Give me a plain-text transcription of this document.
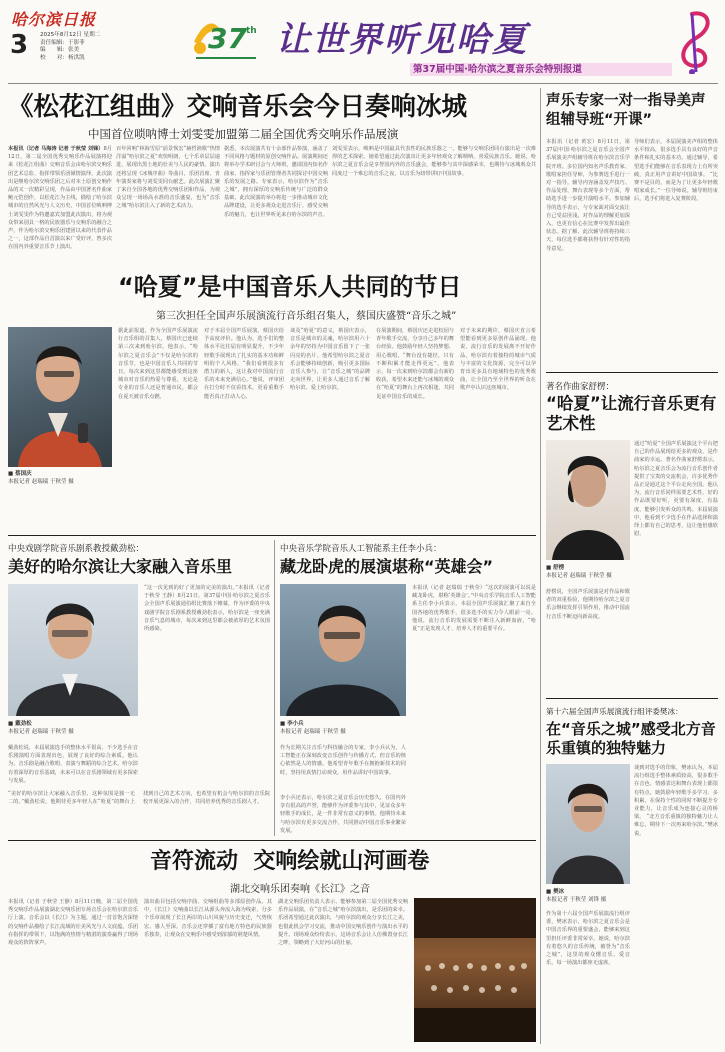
哈尔滨日报
3 2025年8月12日 星期二
责任编辑：于影菲
编　　辑：张美
校　　对：杨洪凯
37 th 让世界听见哈夏
第37届中国·哈尔滨之夏音乐会特别报道
《松花江组曲》交响音乐会今日奏响冰城
中国首位唢呐博士刘雯雯加盟第二届全国优秀交响乐作品展演
本报讯（记者 马海涛 记者 于秋莹 刘锋）8月12日，第二届全国优秀交响乐作品展演将迎来《松花江组曲》交响音乐会由哈尔滨交响乐团艺术总监、指挥带领乐团倾情演绎。此次演出是继哈尔滨交响乐团之后对本土原创交响作品的又一次精彩呈现，作品由中国著名作曲家鲍元恺创作，以松花江为主线，描绘了哈尔滨城市的自然风光与人文历史。中国首位唢呐博士刘雯雯作为特邀嘉宾加盟此次演出，将为观众带来别具一格的民族器乐与交响乐的融合之声。作为哈尔滨交响乐团建团以来的代表作品之一，这部作品自首演以来广受好评，曾多次在国内外重要音乐节上演出。
百年回响“林海雪原”前景恢宏“赫哲渔歌”热情洋溢“哈尔滨之夏”欢快明朗，七个乐章层层递进，展现出黑土地的壮美与人民的豪情。演出还将呈现《冰城序曲》等曲目，乐团首席、青年演奏家将与刘雯雯同台献艺。此次展演汇聚了来自全国各地的优秀交响乐团和作品，为观众呈现一场场高水准的音乐盛宴，也为“音乐之城”哈尔滨注入了新的艺术活力。
据悉，本次展演共有十余部作品参演，涵盖了不同风格与题材的原创交响作品。展演期间还将举办学术研讨会与大师班，邀请国内知名作曲家、指挥家与乐团管理者共同探讨中国交响乐的发展之路。专家表示，哈尔滨作为“音乐之城”，拥有深厚的交响乐传统与广泛的群众基础，此次展演的举办将进一步推动城市文化品牌建设，让更多观众走进音乐厅，感受交响乐的魅力，也让世界听见来自哈尔滨的声音。
刘雯雯表示，唢呐是中国最具代表性的民族乐器之一，能够与交响乐团同台演出是一次难得的艺术探索。她希望通过此次演出让更多年轻观众了解唢呐、喜爱民族音乐。她说，哈尔滨之夏音乐会是享誉国内外的音乐盛会，能够参与其中深感荣幸，也期待与冰城观众共同度过一个难忘的音乐之夜，以音乐为纽带讲好中国故事。
“哈夏”是中国音乐人共同的节日
第三次担任全国声乐展演流行音乐组召集人，蔡国庆盛赞“音乐之城”
■ 蔡国庆
本报记者 赵瑞瑞 于秋莹 摄
据此前报道，作为全国声乐展演流行音乐组的召集人，蔡国庆已连续第三次来到哈尔滨。他表示，“哈尔滨之夏音乐会”不仅是哈尔滨的音乐节，也是中国音乐人共同的节日。每次来到这里都能感受到这座城市对音乐的热爱与尊重，无论是专业的音乐人还是普通市民，都会在夏天被音乐点燃。
对于本届全国声乐展演，蔡国庆给予高度评价。他认为，选手们的整体水平比往届有明显提升，不少年轻歌手展现出了扎实的基本功和鲜明的个人风格。“我们看到很多有潜力的新人，这让我对中国流行音乐的未来充满信心。”他说，评审团在打分时不仅看技术，更看重歌手能否真正打动人心。
谈及“哈夏”的意义，蔡国庆表示，音乐是城市的灵魂，哈尔滨用六十余年的坚持为中国音乐留下了一张闪亮的名片。他希望哈尔滨之夏音乐会能够持续创新，吸引更多国际音乐人参与，让“音乐之城”的品牌走向世界，让更多人通过音乐了解哈尔滨、爱上哈尔滨。
在展演期间，蔡国庆还走进校园与青年歌手交流，分享自己多年的舞台经验。他鼓励年轻人坚持梦想、用心歌唱，“舞台没有捷径，只有不断积累才能走得更远”。他表示，每一次来到哈尔滨都会有新的收获，希望未来还能与冰城的观众在“哈夏”的舞台上再次相逢，共同见证中国音乐的成长。
对于未来的期许，蔡国庆直言希望能看到更多原创作品涌现。他说，流行音乐的发展离不开好作品，哈尔滨有着独特的城市气质与丰富的文化资源，完全可以孕育出更多具有地域特色的优秀歌曲，让全国乃至全世界的听众在歌声中认识这座城市。
声乐专家一对一指导美声组辅导班“开课”
本报讯（记者 黄宏）8月11日，第37届中国·哈尔滨之夏音乐会全国声乐展演美声组辅导班在哈尔滨音乐学院开班。多位国内知名声乐教育家、歌唱家担任导师，为参赛选手进行一对一指导。辅导内容涵盖发声技巧、作品处理、舞台表现等多个方面，帮助选手进一步提升演唱水平。参加辅导的选手表示，与专家面对面交流让自己受益匪浅，对作品的理解更加深入，也更有信心在比赛中发挥出最佳状态。据了解，此次辅导班将持续三天，每位选手都将获得有针对性的指导意见。
导师们表示，本届展演美声组的整体水平较高，很多选手具有良好的声音条件和扎实的基本功。通过辅导，希望选手们能够在音乐表现力上有所突破，真正用声音讲好中国故事。 “比赛不是目的，而是为了让更多年轻歌唱家成长。”一位导师说。辅导班结束后，选手们将进入复赛阶段。
著名作曲家舒楞：
“哈夏”让流行音乐更有艺术性
■ 舒楞
本报记者 赵瑞瑞 于秋莹 摄
通过“哈夏”全国声乐展演这个平台把自己的作品展现给更多的观众，是作曲家的幸运。著名作曲家舒楞表示，哈尔滨之夏音乐会为流行音乐创作者提供了宝贵的交流机会，许多优秀作品正是通过这个平台走向全国。他认为，流行音乐同样需要艺术性，好的作品既要好听，更要有深度、有温度，能够引发听众的共鸣。本届展演中，他看到不少选手在作品选择和演绎上都有自己的思考，这让他倍感欣慰。
舒楞说，全国声乐展演是对作品和歌者的双重检验，他期待哈尔滨之夏音乐会继续发挥引领作用，推动中国流行音乐不断迈向新高度。
第十六届全国声乐展演流行组评委樊冰：
在“音乐之城”感受北方音乐重镇的独特魅力
■ 樊冰
本报记者 于秋莹 刘锋 摄
作为第十六届全国声乐展演流行组评委，樊冰表示，哈尔滨之夏音乐会是中国音乐界的重要盛会，能够来到这里担任评委非常荣幸。她说，哈尔滨有着悠久的音乐传统，被誉为“音乐之城”，这里的观众懂音乐、爱音乐，每一场演出都座无虚席。
谈到对选手的印象，樊冰认为，本届流行组选手整体素质较高，很多歌手在音色、情感表达和舞台表现上都很有特点。她鼓励年轻歌手多学习、多积累，在保持个性的同时不断提升专业能力，让音乐成为连接心灵的桥梁。 “北方音乐重镇的独特魅力让人难忘，期待下一次再来哈尔滨。”樊冰说。
中央戏剧学院音乐剧系教授戴劲松：
美好的哈尔滨让大家融入音乐里
■ 戴劲松
本报记者 赵瑞瑞 于秋莹 摄
“这一次见到的好了更加的完美的演出。”本报讯（记者 于秋莹 王静）8月21日，第37届中国·哈尔滨之夏音乐会全国声乐展演通俗组比赛落下帷幕，作为评委的中央戏剧学院音乐剧系教授戴劲松表示，哈尔滨是一座充满音乐气息的城市，每次来到这里都会被浓厚的艺术氛围所感染。
戴劲松说，本届展演选手的整体水平很高，不少选手在音乐剧演唱方面表现出色，展现了良好的综合素质。他认为，音乐剧是融合歌唱、表演与舞蹈的综合艺术，哈尔滨有着深厚的音乐基础，未来可以在音乐剧领域有更多探索与发展。
“美好的哈尔滨让大家融入音乐里，这种氛围是独一无二的。”戴劲松说，他期待更多年轻人在“哈夏”的舞台上找到自己的艺术方向，也希望有机会与哈尔滨的音乐院校开展更深入的合作，共同培养优秀的音乐剧人才。
中央音乐学院音乐人工智能系主任李小兵：
藏龙卧虎的展演堪称“英雄会”
■ 李小兵
本报记者 赵瑞瑞 于秋莹 摄
本报讯（记者 赵瑞瑞 于秋莹）“这次的展演可以说是藏龙卧虎，堪称‘英雄会’。”中央音乐学院音乐人工智能系主任李小兵表示，本届全国声乐展演汇聚了来自全国各地的优秀歌手，很多选手的实力令人眼前一亮。他说，流行音乐的发展需要不断注入新鲜血液，“哈夏”正是发现人才、培养人才的重要平台。
作为长期关注音乐与科技融合的专家，李小兵认为，人工智能正在深刻改变音乐创作与传播方式，但音乐的核心依然是人的情感。他希望青年歌手在拥抱新技术的同时，坚持用真情打动观众，用作品讲好中国故事。
李小兵还表示，哈尔滨之夏音乐会历史悠久，在国内外享有很高的声誉，能够作为评委参与其中，见证众多年轻歌手的成长，是一件非常有意义的事情。他期待未来与哈尔滨有更多交流合作，共同推动中国音乐事业繁荣发展。
音符流动  交响绘就山河画卷
湖北交响乐团奏响《长江》之音
本报讯（记者 于秋莹 王静）8月11日晚，第二届全国优秀交响乐作品展演湖北交响乐团专场音乐会在哈尔滨音乐厅上演。音乐会以《长江》为主题，通过一首首饱含深情的交响作品描绘了长江流域的壮美风光与人文底蕴。乐团在指挥的带领下，以饱满的热情与精湛的演奏赢得了现场观众的阵阵掌声。
演出曲目包括交响序曲、交响组曲等多部原创作品。其中，《长江》交响曲以长江从源头奔流入海为线索，分多个乐章展现了长江两岸的山川风貌与历史变迁，气势恢宏、感人至深。音乐会还穿插了富有地方特色的民族器乐独奏，让观众在交响乐中感受到浓郁的荆楚风情。
湖北交响乐团负责人表示，能够参加第二届全国优秀交响乐作品展演，在“音乐之城”哈尔滨演出，是乐团的荣幸。乐团希望通过此次演出，与哈尔滨的观众分享长江之美，也借此机会学习交流，推动中国交响乐创作与演出水平的提升。现场观众纷纷表示，这场音乐会让人仿佛置身长江之畔，领略到了大好河山的壮丽。
